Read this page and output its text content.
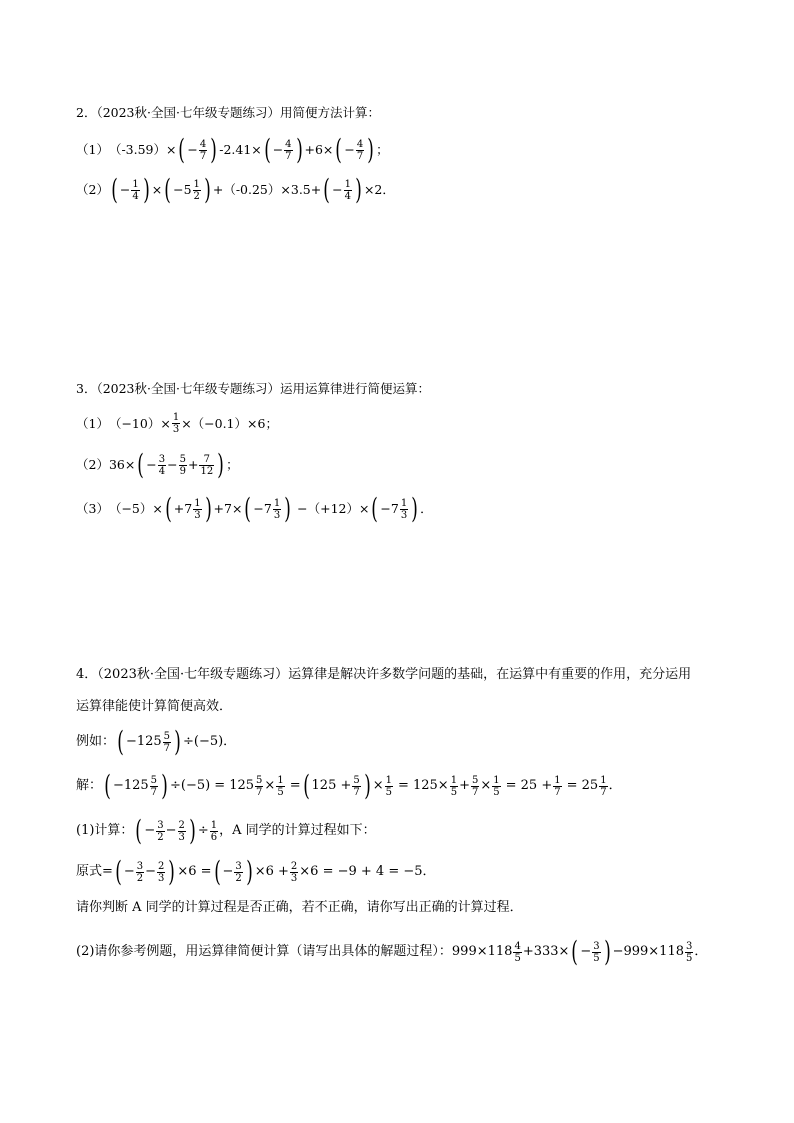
2．（2023秋·全国·七年级专题练习）用简便方法计算：
（1） （-3.59）× ( − $\frac{4}{7}$
) -2.41× ( − $\frac{4}{7}$
) +6× ( − $\frac{4}{7}$
) ；
（2） ( − $\frac{1}{4}$
) × ( $-5 \frac{1}{2}$
) +（-0.25）×3.5+ ( − $\frac{1}{4}$
) ×2．
3．（2023秋·全国·七年级专题练习）运用运算律进行简便运算：
（1） $(-10)\times \frac{1}{3} \times(-0.1)\times 6$；
（2） 36× ( − $\frac{3}{4} - \frac{5}{9} + \frac{7}{12}$
) ；
（3） （−5）× ( $+7 \frac{1}{3}$
) +7× ( $-7 \frac{1}{3}$
) −（+12）× ( $-7 \frac{1}{3}$
) ．
4．（2023秋·全国·七年级专题练习）运算律是解决许多数学问题的基础，在运算中有重要的作用，充分运用
运算律能使计算简便高效．
例如： ( $-125 \frac{5}{7}$
) ÷(−5)．
解： ( $-125 \frac{5}{7}$
) $\div(-5) = 125 \frac{5}{7} \times \frac{1}{5}$ = ( $125 + \frac{5}{7}$
) × $\frac{1}{5} = 125\times \frac{1}{5} + \frac{5}{7} \times \frac{1}{5} = 25 + \frac{1}{7} = 25 \frac{1}{7}$ ．
(1)计算： ( − $\frac{3}{2} - \frac{2}{3}$
) ÷ $\frac{1}{6}$ ，A 同学的计算过程如下：
原式= ( − $\frac{3}{2} - \frac{2}{3}$
) ×6 = ( − $\frac{3}{2}$
) $\times 6 + \frac{2}{3} \times 6 = -9 + 4 = -5$．
请你判断 A 同学的计算过程是否正确，若不正确，请你写出正确的计算过程．
(2)请你参考例题，用运算律简便计算（请写出具体的解题过程）：$999\times 118 \frac{4}{5} +333\times$ ( − $\frac{3}{5}$
) $-999\times 118 \frac{3}{5}$ ．
